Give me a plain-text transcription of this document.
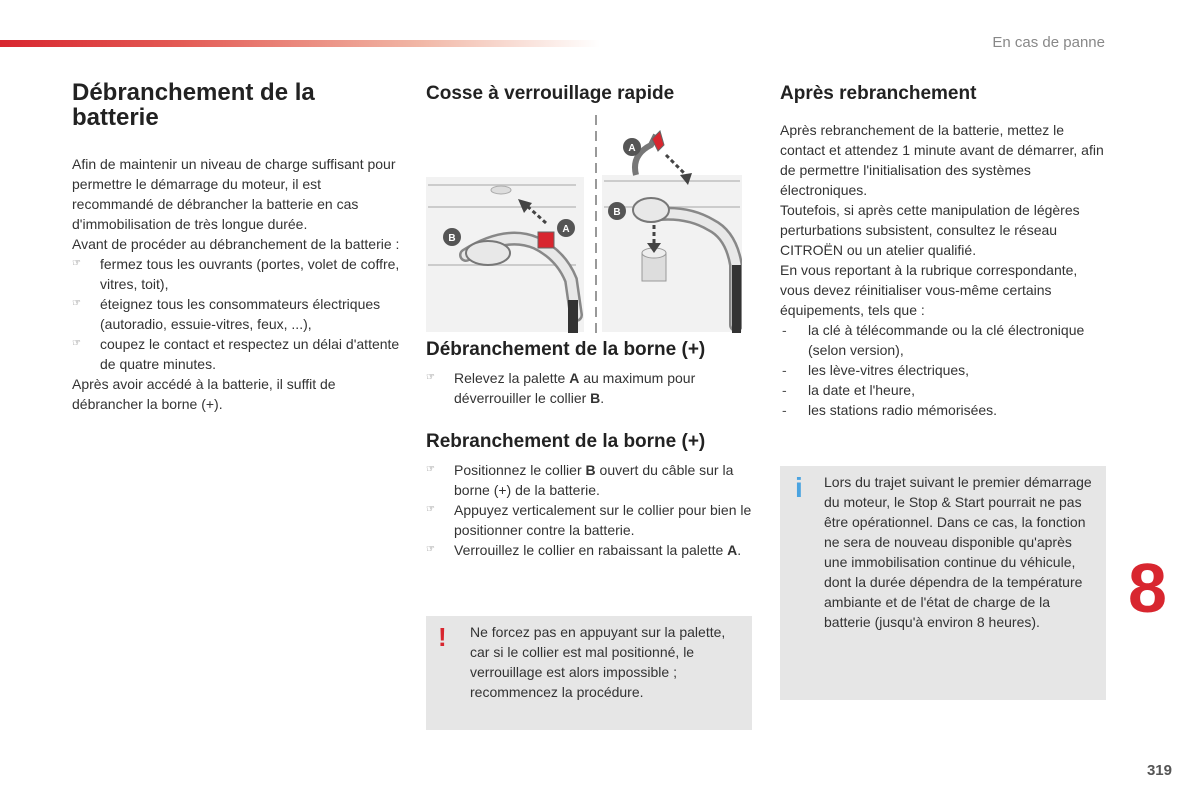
En cas de panne
Débranchement de la batterie

Afin de maintenir un niveau de charge suffisant pour permettre le démarrage du moteur, il est recommandé de débrancher la batterie en cas d'immobilisation de très longue durée.

Avant de procéder au débranchement de la batterie :

☞ fermez tous les ouvrants (portes, volet de coffre, vitres, toit),
☞ éteignez tous les consommateurs électriques (autoradio, essuie-vitres, feux, ...),
☞ coupez le contact et respectez un délai d'attente de quatre minutes.

Après avoir accédé à la batterie, il suffit de débrancher la borne (+).

Cosse à verrouillage rapide
B
A
A
B
Débranchement de la borne (+)
☞ Relevez la palette A au maximum pour déverrouiller le collier B.
Rebranchement de la borne (+)
☞ Positionnez le collier B ouvert du câble sur la borne (+) de la batterie.
☞ Appuyez verticalement sur le collier pour bien le positionner contre la batterie.
☞ Verrouillez le collier en rabaissant la palette A.
! Ne forcez pas en appuyant sur la palette, car si le collier est mal positionné, le verrouillage est alors impossible ; recommencez la procédure.
Après rebranchement

Après rebranchement de la batterie, mettez le contact et attendez 1 minute avant de démarrer, afin de permettre l'initialisation des systèmes électroniques.

Toutefois, si après cette manipulation de légères perturbations subsistent, consultez le réseau CITROËN ou un atelier qualifié.

En vous reportant à la rubrique correspondante, vous devez réinitialiser vous-même certains équipements, tels que :

- la clé à télécommande ou la clé électronique (selon version),
- les lève-vitres électriques,
- la date et l'heure,
- les stations radio mémorisées.
i Lors du trajet suivant le premier démarrage du moteur, le Stop & Start pourrait ne pas être opérationnel. Dans ce cas, la fonction ne sera de nouveau disponible qu'après une immobilisation continue du véhicule, dont la durée dépendra de la température ambiante et de l'état de charge de la batterie (jusqu'à environ 8 heures).	8
319
